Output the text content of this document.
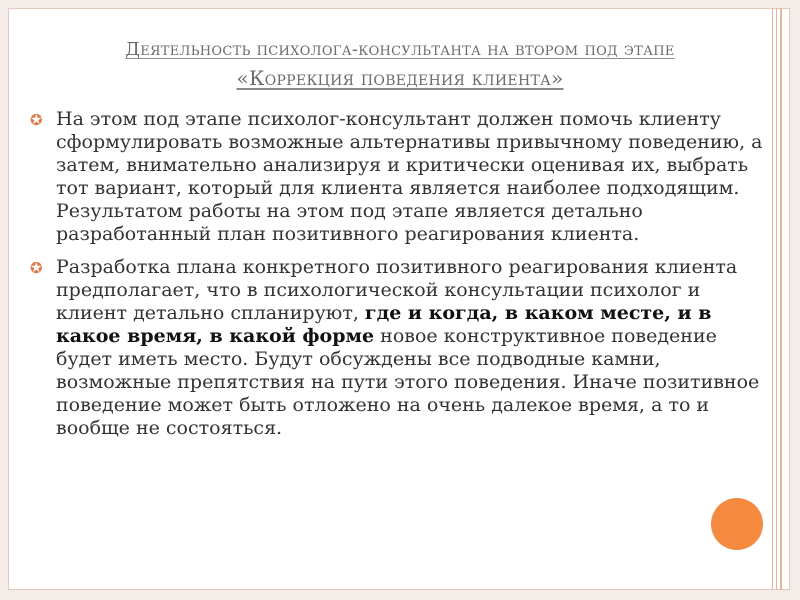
Деятельность психолога-консультанта на втором под этапе
«Коррекция поведения клиента»
✪ На этом под этапе психолог-консультант должен помочь клиенту сформулировать возможные альтернативы привычному поведению, а затем, внимательно анализируя и критически оценивая их, выбрать тот вариант, который для клиента является наиболее подходящим. Результатом работы на этом под этапе является детально разработанный план позитивного реагирования клиента.
✪ Разработка плана конкретного позитивного реагирования клиента предполагает, что в психологической консультации психолог и клиент детально спланируют, где и когда, в каком месте, и в какое время, в какой форме новое конструктивное поведение будет иметь место. Будут обсуждены все подводные камни, возможные препятствия на пути этого поведения. Иначе позитивное поведение может быть отложено на очень далекое время, а то и вообще не состояться.
